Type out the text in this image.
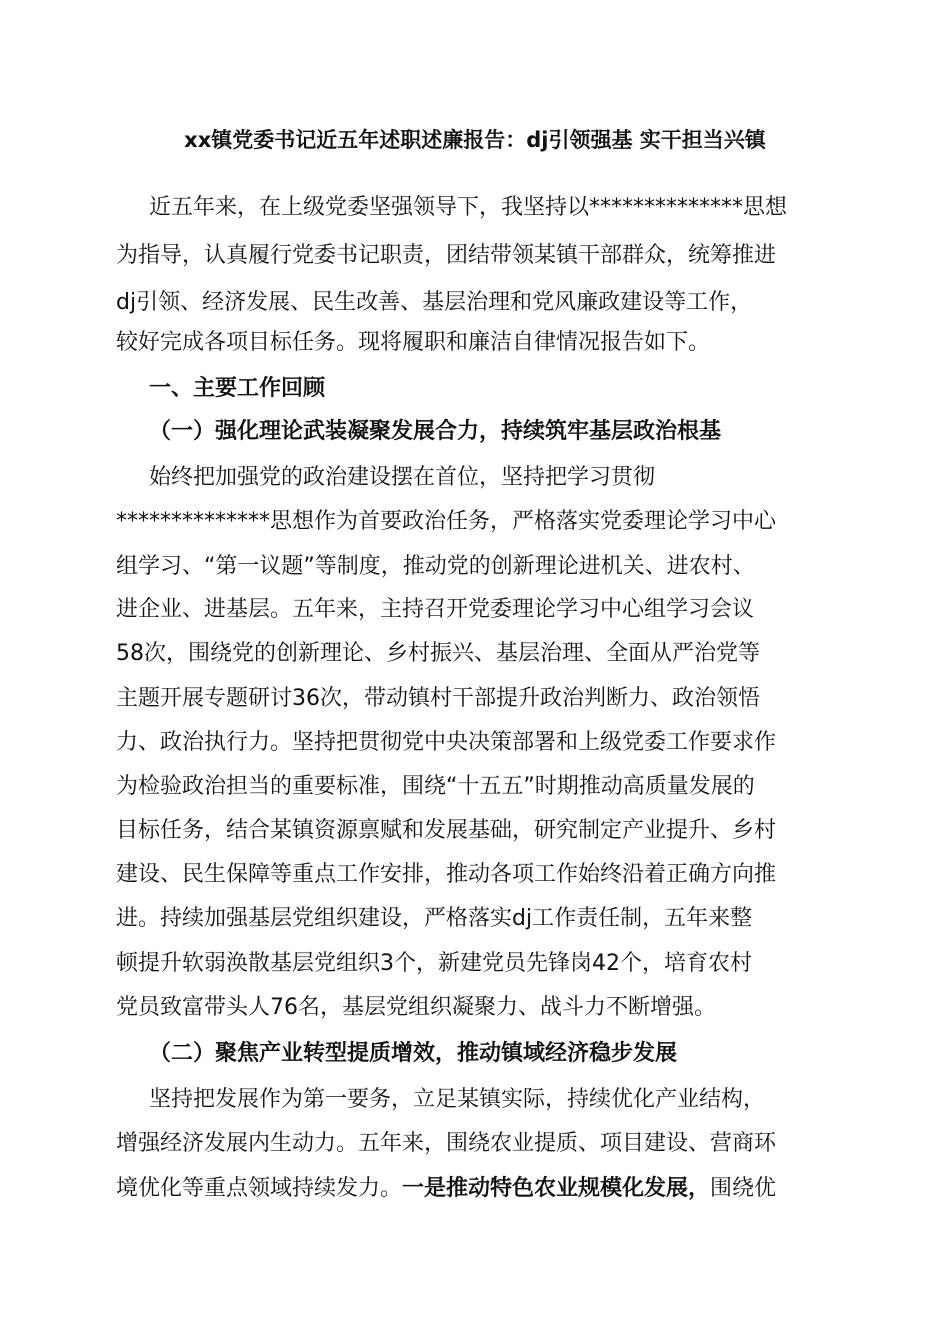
xx镇党委书记近五年述职述廉报告：dj引领强基 实干担当兴镇
近五年来，在上级党委坚强领导下，我坚持以**************思想
为指导，认真履行党委书记职责，团结带领某镇干部群众，统筹推进
dj引领、经济发展、民生改善、基层治理和党风廉政建设等工作，
较好完成各项目标任务。现将履职和廉洁自律情况报告如下。
一、主要工作回顾
（一）强化理论武装凝聚发展合力，持续筑牢基层政治根基
始终把加强党的政治建设摆在首位，坚持把学习贯彻
**************思想作为首要政治任务，严格落实党委理论学习中心
组学习、“第一议题”等制度，推动党的创新理论进机关、进农村、
进企业、进基层。五年来，主持召开党委理论学习中心组学习会议
58次，围绕党的创新理论、乡村振兴、基层治理、全面从严治党等
主题开展专题研讨36次，带动镇村干部提升政治判断力、政治领悟
力、政治执行力。坚持把贯彻党中央决策部署和上级党委工作要求作
为检验政治担当的重要标准，围绕“十五五”时期推动高质量发展的
目标任务，结合某镇资源禀赋和发展基础，研究制定产业提升、乡村
建设、民生保障等重点工作安排，推动各项工作始终沿着正确方向推
进。持续加强基层党组织建设，严格落实dj工作责任制，五年来整
顿提升软弱涣散基层党组织3个，新建党员先锋岗42个，培育农村
党员致富带头人76名，基层党组织凝聚力、战斗力不断增强。
（二）聚焦产业转型提质增效，推动镇域经济稳步发展
坚持把发展作为第一要务，立足某镇实际，持续优化产业结构，
增强经济发展内生动力。五年来，围绕农业提质、项目建设、营商环
境优化等重点领域持续发力。一是推动特色农业规模化发展，围绕优
